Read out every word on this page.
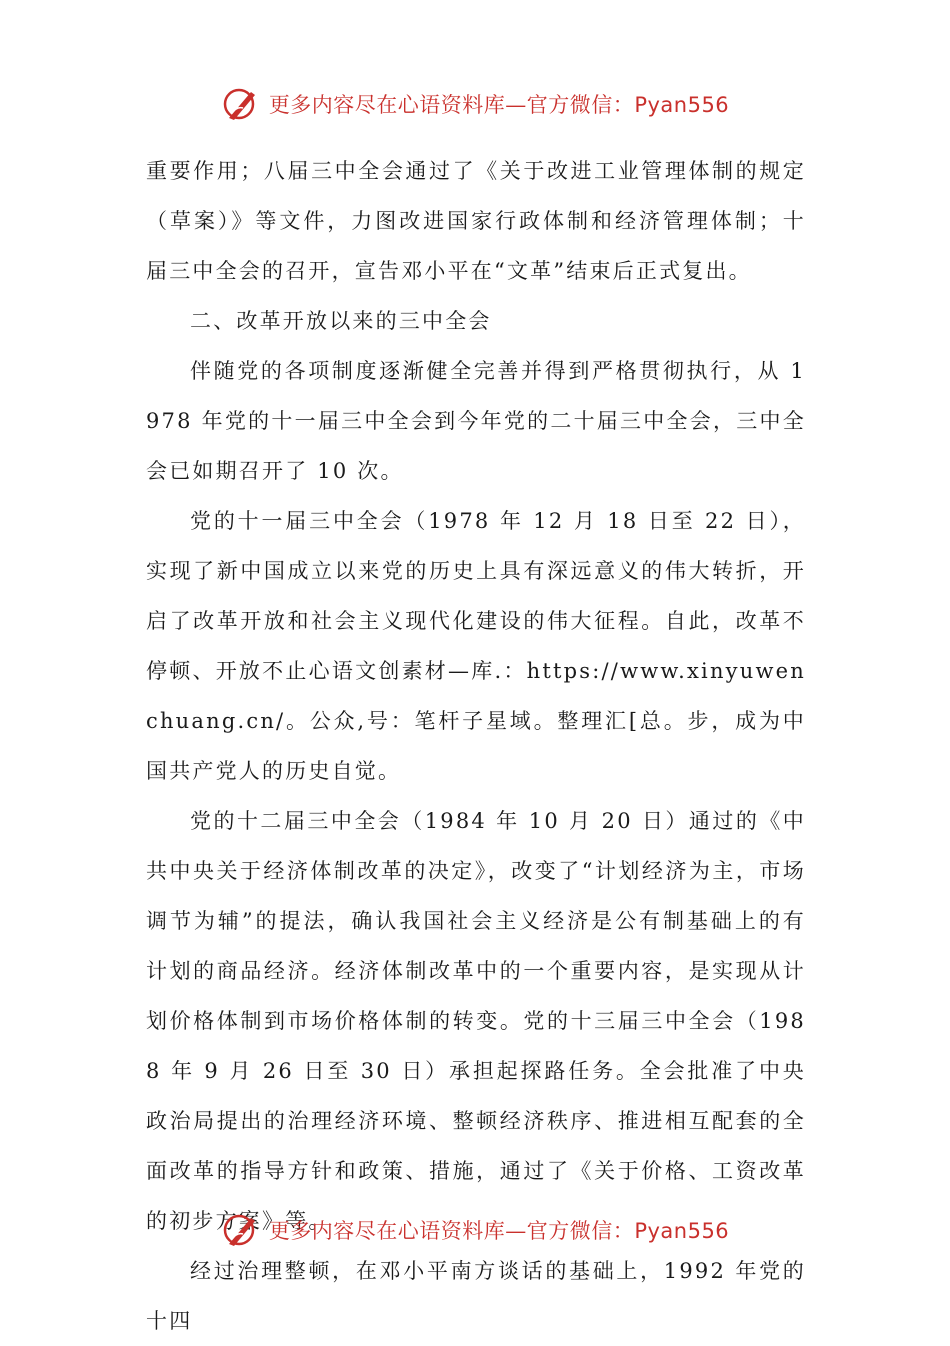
更多内容尽在心语资料库—官方微信：Pyan556

重要作用；八届三中全会通过了《关于改进工业管理体制的规定（草案）》等文件，力图改进国家行政体制和经济管理体制；十届三中全会的召开，宣告邓小平在“文革”结束后正式复出。

二、改革开放以来的三中全会

伴随党的各项制度逐渐健全完善并得到严格贯彻执行，从 1978 年党的十一届三中全会到今年党的二十届三中全会，三中全会已如期召开了 10 次。

党的十一届三中全会（1978 年 12 月 18 日至 22 日），实现了新中国成立以来党的历史上具有深远意义的伟大转折，开启了改革开放和社会主义现代化建设的伟大征程。自此，改革不停顿、开放不止心语文创素材—库.：https://www.xinyuwenchuang.cn/。公众,号：笔杆子星域。整理汇[总。步，成为中国共产党人的历史自觉。

党的十二届三中全会（1984 年 10 月 20 日）通过的《中共中央关于经济体制改革的决定》，改变了“计划经济为主，市场调节为辅”的提法，确认我国社会主义经济是公有制基础上的有计划的商品经济。经济体制改革中的一个重要内容，是实现从计划价格体制到市场价格体制的转变。党的十三届三中全会（1988 年 9 月 26 日至 30 日）承担起探路任务。全会批准了中央政治局提出的治理经济环境、整顿经济秩序、推进相互配套的全面改革的指导方针和政策、措施，通过了《关于价格、工资改革的初步方案》等。

经过治理整顿，在邓小平南方谈话的基础上，1992 年党的十四

更多内容尽在心语资料库—官方微信：Pyan556
